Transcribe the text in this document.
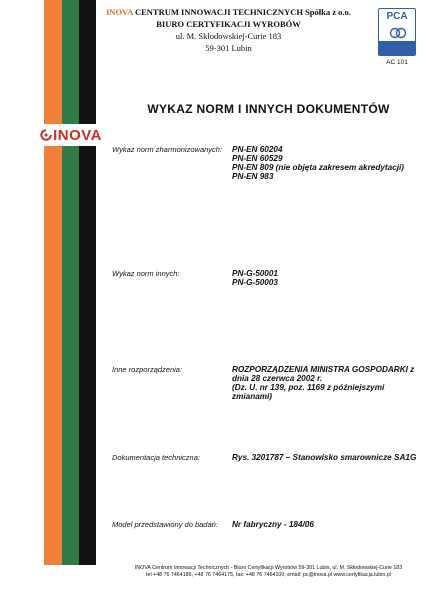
INOVA CENTRUM INNOWACJI TECHNICZNYCH Spółka z o.o.
BIURO CERTYFIKACJI WYROBÓW
ul. M. Skłodowskiej-Curie 183
59-301 Lubin
PCA
AC 101
INOVA
WYKAZ NORM I INNYCH DOKUMENTÓW
Wykaz norm zharmonizowanych:	PN-EN 60204
PN-EN 60529
PN-EN 809 (nie objęta zakresem akredytacji)
PN-EN 983
Wykaz norm innych:	PN-G-50001
PN-G-50003
Inne rozporządzenia:	ROZPORZĄDZENIA MINISTRA GOSPODARKI z
dnia 28 czerwca 2002 r.
(Dz. U. nr 139, poz. 1169 z późniejszymi
zmianami)
Dokumentacja techniczna:	Rys. 3201787 – Stanowisko smarownicze SA1G
Model przedstawiony do badań:	Nr fabryczny - 184/06
INOVA Centrum Innowacji Technicznych - Biuro Certyfikacji Wyrobów 59-301 Lubin, ul. M. Skłodowskiej-Curie 183
tel +48 76 7464186, +48 76 7464175, fax: +48 76 7464100; email: pc@inova.pl www.certyfikacja.lubin.pl
